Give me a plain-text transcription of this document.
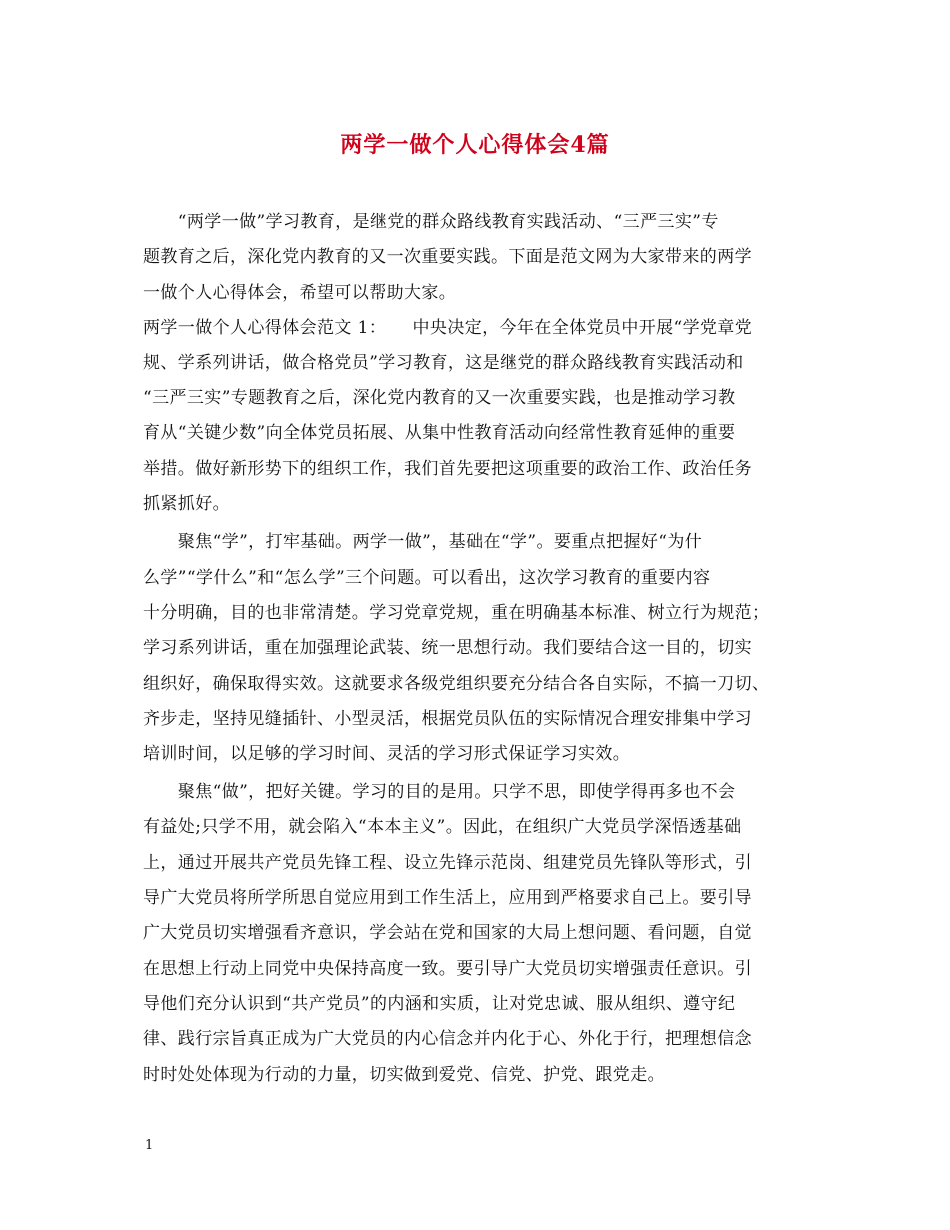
两学一做个人心得体会4篇
　　“两学一做”学习教育，是继党的群众路线教育实践活动、“三严三实”专
题教育之后，深化党内教育的又一次重要实践。下面是范文网为大家带来的两学
一做个人心得体会，希望可以帮助大家。
两学一做个人心得体会范文 1：　　中央决定，今年在全体党员中开展“学党章党
规、学系列讲话，做合格党员”学习教育，这是继党的群众路线教育实践活动和
“三严三实”专题教育之后，深化党内教育的又一次重要实践，也是推动学习教
育从“关键少数”向全体党员拓展、从集中性教育活动向经常性教育延伸的重要
举措。做好新形势下的组织工作，我们首先要把这项重要的政治工作、政治任务
抓紧抓好。
　　聚焦“学”，打牢基础。两学一做”，基础在“学”。要重点把握好“为什
么学”“学什么”和“怎么学”三个问题。可以看出，这次学习教育的重要内容
十分明确，目的也非常清楚。学习党章党规，重在明确基本标准、树立行为规范；
学习系列讲话，重在加强理论武装、统一思想行动。我们要结合这一目的，切实
组织好，确保取得实效。这就要求各级党组织要充分结合各自实际，不搞一刀切、
齐步走，坚持见缝插针、小型灵活，根据党员队伍的实际情况合理安排集中学习
培训时间，以足够的学习时间、灵活的学习形式保证学习实效。
　　聚焦“做”，把好关键。学习的目的是用。只学不思，即使学得再多也不会
有益处;只学不用，就会陷入“本本主义”。因此，在组织广大党员学深悟透基础
上，通过开展共产党员先锋工程、设立先锋示范岗、组建党员先锋队等形式，引
导广大党员将所学所思自觉应用到工作生活上，应用到严格要求自己上。要引导
广大党员切实增强看齐意识，学会站在党和国家的大局上想问题、看问题，自觉
在思想上行动上同党中央保持高度一致。要引导广大党员切实增强责任意识。引
导他们充分认识到“共产党员”的内涵和实质，让对党忠诚、服从组织、遵守纪
律、践行宗旨真正成为广大党员的内心信念并内化于心、外化于行，把理想信念
时时处处体现为行动的力量，切实做到爱党、信党、护党、跟党走。
1
